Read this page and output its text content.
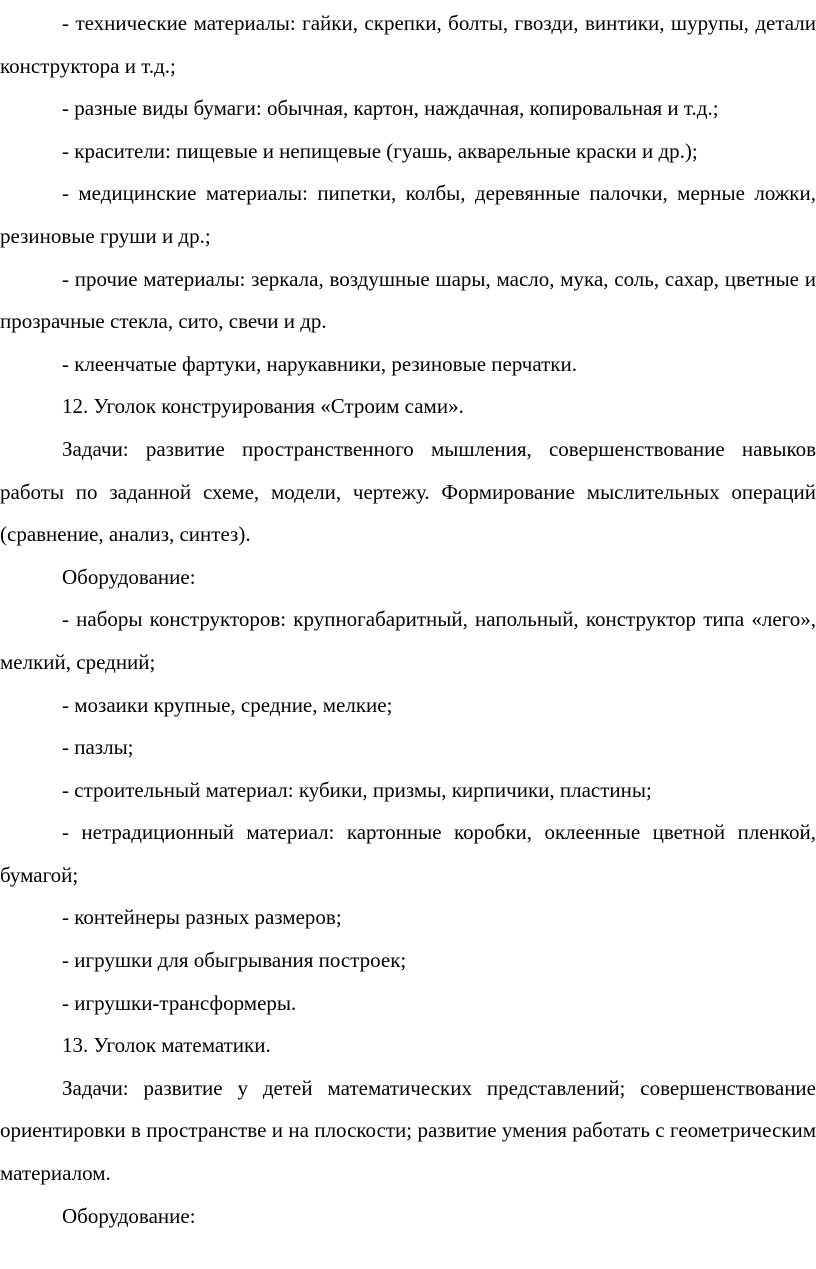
- технические материалы: гайки, скрепки, болты, гвозди, винтики, шурупы, детали конструктора и т.д.;

- разные виды бумаги: обычная, картон, наждачная, копировальная и т.д.;

- красители: пищевые и непищевые (гуашь, акварельные краски и др.);

- медицинские материалы: пипетки, колбы, деревянные палочки, мерные ложки, резиновые груши и др.;

- прочие материалы: зеркала, воздушные шары, масло, мука, соль, сахар, цветные и прозрачные стекла, сито, свечи и др.

- клеенчатые фартуки, нарукавники, резиновые перчатки.

12. Уголок конструирования «Строим сами».

Задачи: развитие пространственного мышления, совершенствование навыков работы по заданной схеме, модели, чертежу. Формирование мыслительных операций (сравнение, анализ, синтез).

Оборудование:

- наборы конструкторов: крупногабаритный, напольный, конструктор типа «лего», мелкий, средний;

- мозаики крупные, средние, мелкие;

- пазлы;

- строительный материал: кубики, призмы, кирпичики, пластины;

- нетрадиционный материал: картонные коробки, оклеенные цветной пленкой, бумагой;

- контейнеры разных размеров;

- игрушки для обыгрывания построек;

- игрушки-трансформеры.

13. Уголок математики.

Задачи: развитие у детей математических представлений; совершенствование ориентировки в пространстве и на плоскости; развитие умения работать с геометрическим материалом.

Оборудование:
